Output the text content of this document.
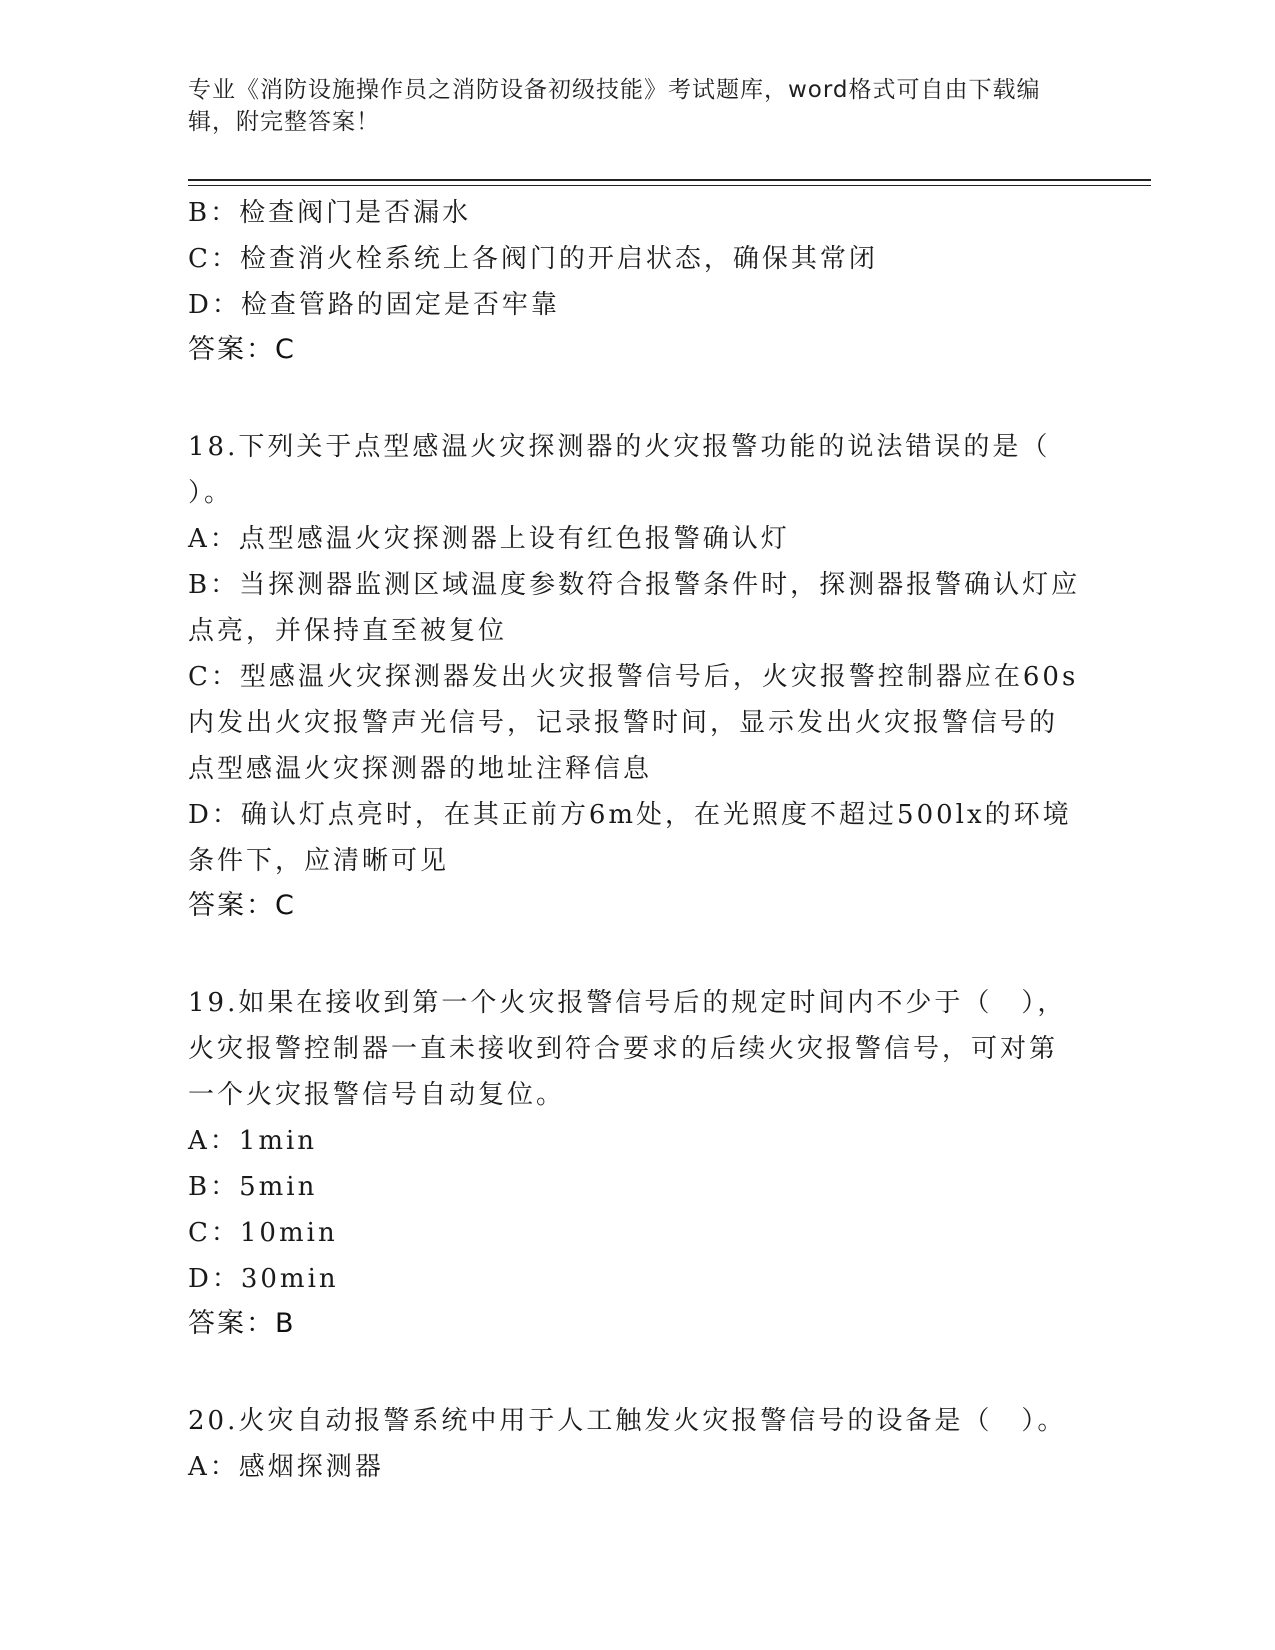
专业《消防设施操作员之消防设备初级技能》考试题库，word格式可自由下载编
辑，附完整答案！
B：检查阀门是否漏水
C：检查消火栓系统上各阀门的开启状态，确保其常闭
D：检查管路的固定是否牢靠
答案：C
18.下列关于点型感温火灾探测器的火灾报警功能的说法错误的是（
）。
A：点型感温火灾探测器上设有红色报警确认灯
B：当探测器监测区域温度参数符合报警条件时，探测器报警确认灯应
点亮，并保持直至被复位
C：型感温火灾探测器发出火灾报警信号后，火灾报警控制器应在60s
内发出火灾报警声光信号，记录报警时间，显示发出火灾报警信号的
点型感温火灾探测器的地址注释信息
D：确认灯点亮时，在其正前方6m处，在光照度不超过500lx的环境
条件下，应清晰可见
答案：C
19.如果在接收到第一个火灾报警信号后的规定时间内不少于（　），
火灾报警控制器一直未接收到符合要求的后续火灾报警信号，可对第
一个火灾报警信号自动复位。
A：1min
B：5min
C：10min
D：30min
答案：B
20.火灾自动报警系统中用于人工触发火灾报警信号的设备是（　）。
A：感烟探测器
